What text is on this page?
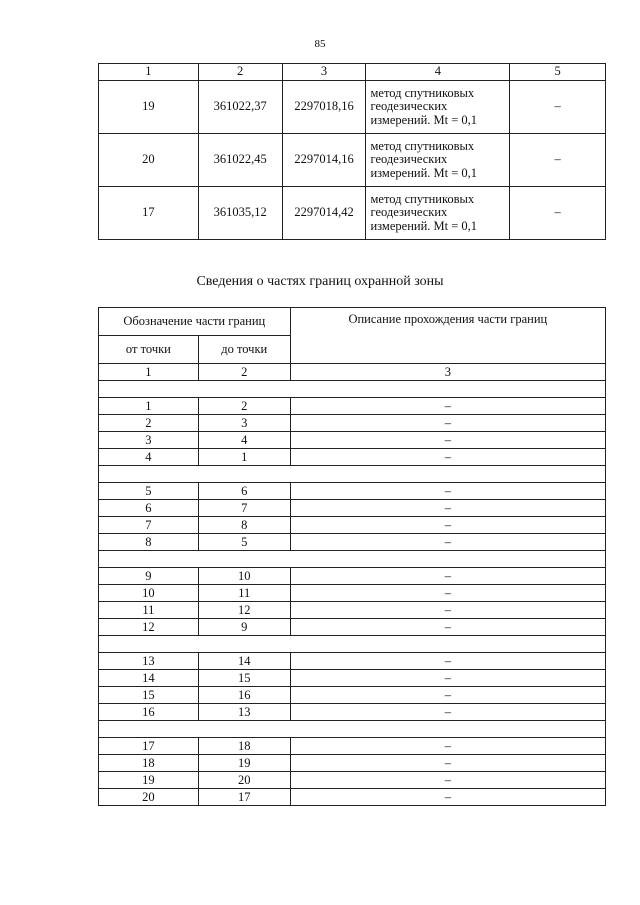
85
1	2	3	4	5
19	361022,37	2297018,16	метод спутниковых
геодезических
измерений. Mt = 0,1	–
20	361022,45	2297014,16	метод спутниковых
геодезических
измерений. Mt = 0,1	–
17	361035,12	2297014,42	метод спутниковых
геодезических
измерений. Mt = 0,1	–
Сведения о частях границ охранной зоны
Обозначение части границ		Описание прохождения части границ
от точки	до точки	
1	2	3

1	2	–
2	3	–
3	4	–
4	1	–

5	6	–
6	7	–
7	8	–
8	5	–

9	10	–
10	11	–
11	12	–
12	9	–

13	14	–
14	15	–
15	16	–
16	13	–

17	18	–
18	19	–
19	20	–
20	17	–
